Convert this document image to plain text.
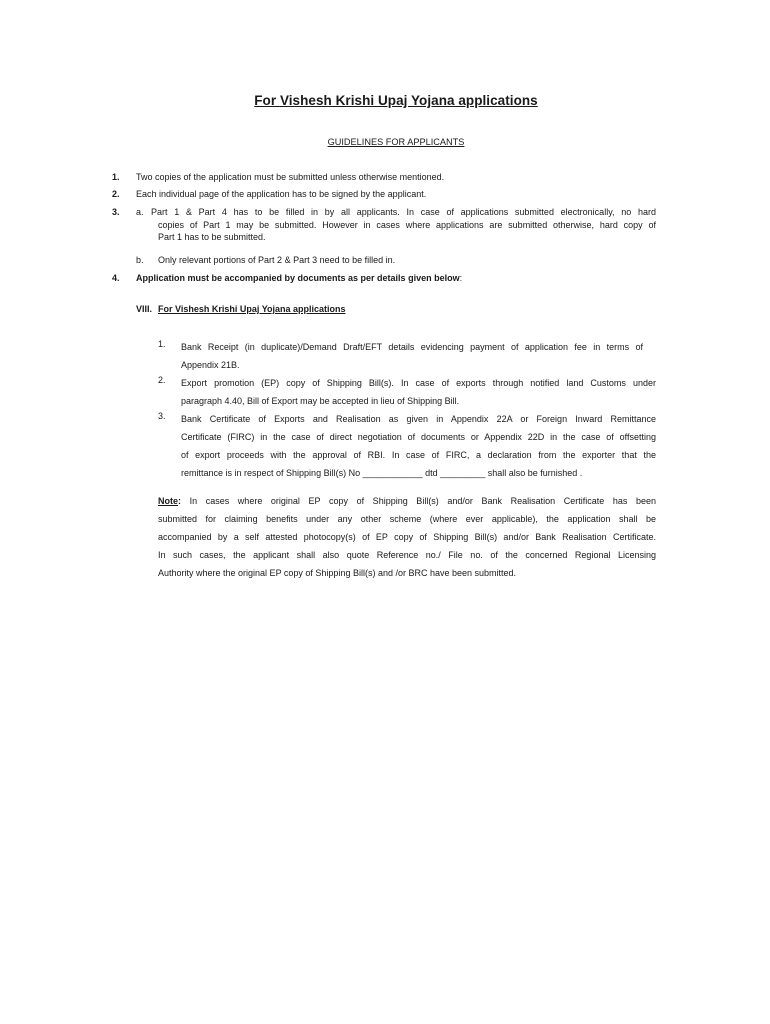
For Vishesh Krishi Upaj Yojana applications
GUIDELINES FOR APPLICANTS
1. Two copies of the application must be submitted unless otherwise mentioned.
2. Each individual page of the application has to be signed by the applicant.
3. a. Part 1 & Part 4 has to be filled in by all applicants. In case of applications submitted electronically, no hard
copies of Part 1 may be submitted. However in cases where applications are submitted otherwise, hard copy of
Part 1 has to be submitted.
b. Only relevant portions of Part 2 & Part 3 need to be filled in.
4. Application must be accompanied by documents as per details given below:
VIII. For Vishesh Krishi Upaj Yojana applications
1. Bank Receipt (in duplicate)/Demand Draft/EFT details evidencing payment of application fee in terms of
Appendix 21B.
2. Export promotion (EP) copy of Shipping Bill(s). In case of exports through notified land Customs under
paragraph 4.40, Bill of Export may be accepted in lieu of Shipping Bill.
3. Bank Certificate of Exports and Realisation as given in Appendix 22A or Foreign Inward Remittance
Certificate (FIRC) in the case of direct negotiation of documents or Appendix 22D in the case of offsetting
of export proceeds with the approval of RBI. In case of FIRC, a declaration from the exporter that the
remittance is in respect of Shipping Bill(s) No ____________ dtd _________ shall also be furnished .
Note: In cases where original EP copy of Shipping Bill(s) and/or Bank Realisation Certificate has been
submitted for claiming benefits under any other scheme (where ever applicable), the application shall be
accompanied by a self attested photocopy(s) of EP copy of Shipping Bill(s) and/or Bank Realisation Certificate.
In such cases, the applicant shall also quote Reference no./ File no. of the concerned Regional Licensing
Authority where the original EP copy of Shipping Bill(s) and /or BRC have been submitted.
